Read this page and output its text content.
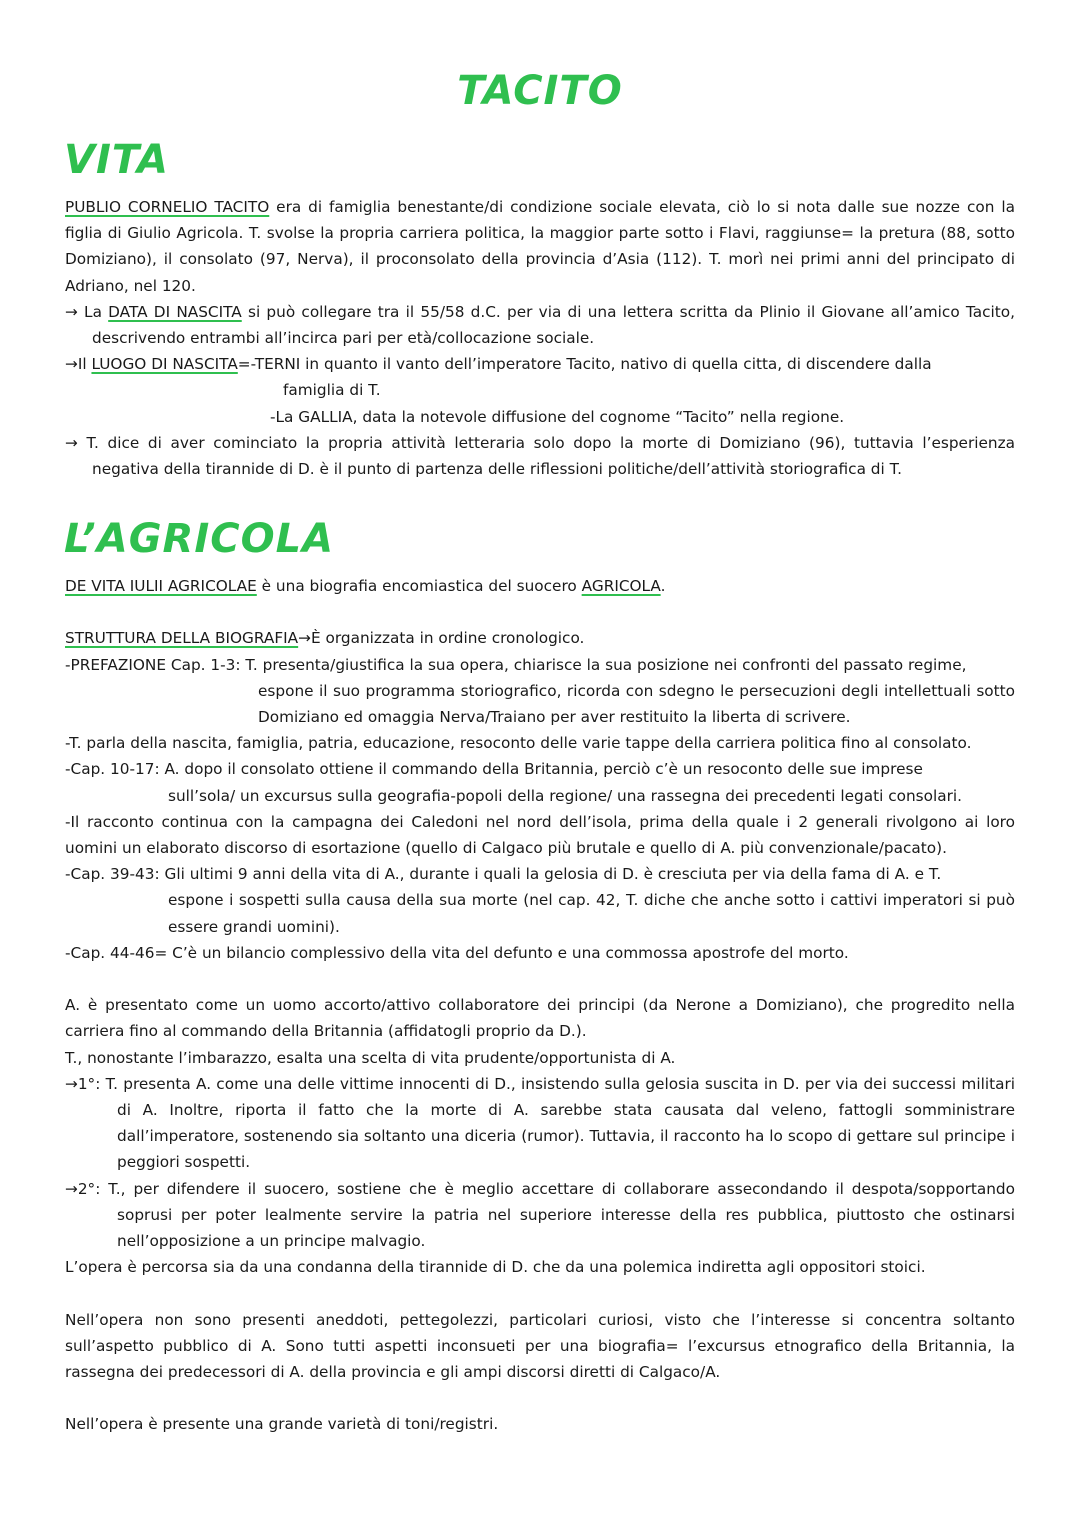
TACITO
VITA

PUBLIO CORNELIO TACITO era di famiglia benestante/di condizione sociale elevata, ciò lo si nota dalle sue nozze con la figlia di Giulio Agricola. T. svolse la propria carriera politica, la maggior parte sotto i Flavi, raggiunse= la pretura (88, sotto Domiziano), il consolato (97, Nerva), il proconsolato della provincia d’Asia (112). T. morì nei primi anni del principato di Adriano, nel 120.

→ La DATA DI NASCITA si può collegare tra il 55/58 d.C. per via di una lettera scritta da Plinio il Giovane all’amico Tacito, descrivendo entrambi all’incirca pari per età/collocazione sociale.

→Il LUOGO DI NASCITA=-TERNI in quanto il vanto dell’imperatore Tacito, nativo di quella citta, di discendere dalla

famiglia di T.

-La GALLIA, data la notevole diffusione del cognome “Tacito” nella regione.

→ T. dice di aver cominciato la propria attività letteraria solo dopo la morte di Domiziano (96), tuttavia l’esperienza negativa della tirannide di D. è il punto di partenza delle riflessioni politiche/dell’attività storiografica di T.

L’AGRICOLA

DE VITA IULII AGRICOLAE è una biografia encomiastica del suocero AGRICOLA.

STRUTTURA DELLA BIOGRAFIA→È organizzata in ordine cronologico.

-PREFAZIONE Cap. 1-3: T. presenta/giustifica la sua opera, chiarisce la sua posizione nei confronti del passato regime,

espone il suo programma storiografico, ricorda con sdegno le persecuzioni degli intellettuali sotto Domiziano ed omaggia Nerva/Traiano per aver restituito la liberta di scrivere.

-T. parla della nascita, famiglia, patria, educazione, resoconto delle varie tappe della carriera politica fino al consolato.

-Cap. 10-17: A. dopo il consolato ottiene il commando della Britannia, perciò c’è un resoconto delle sue imprese

sull’sola/ un excursus sulla geografia-popoli della regione/ una rassegna dei precedenti legati consolari.

-Il racconto continua con la campagna dei Caledoni nel nord dell’isola, prima della quale i 2 generali rivolgono ai loro uomini un elaborato discorso di esortazione (quello di Calgaco più brutale e quello di A. più convenzionale/pacato).

-Cap. 39-43: Gli ultimi 9 anni della vita di A., durante i quali la gelosia di D. è cresciuta per via della fama di A. e T.

espone i sospetti sulla causa della sua morte (nel cap. 42, T. diche che anche sotto i cattivi imperatori si può essere grandi uomini).

-Cap. 44-46= C’è un bilancio complessivo della vita del defunto e una commossa apostrofe del morto.

A. è presentato come un uomo accorto/attivo collaboratore dei principi (da Nerone a Domiziano), che progredito nella carriera fino al commando della Britannia (affidatogli proprio da D.).

T., nonostante l’imbarazzo, esalta una scelta di vita prudente/opportunista di A.

→1°: T. presenta A. come una delle vittime innocenti di D., insistendo sulla gelosia suscita in D. per via dei successi militari di A. Inoltre, riporta il fatto che la morte di A. sarebbe stata causata dal veleno, fattogli somministrare dall’imperatore, sostenendo sia soltanto una diceria (rumor). Tuttavia, il racconto ha lo scopo di gettare sul principe i peggiori sospetti.

→2°: T., per difendere il suocero, sostiene che è meglio accettare di collaborare assecondando il despota/sopportando soprusi per poter lealmente servire la patria nel superiore interesse della res pubblica, piuttosto che ostinarsi nell’opposizione a un principe malvagio.

L’opera è percorsa sia da una condanna della tirannide di D. che da una polemica indiretta agli oppositori stoici.

Nell’opera non sono presenti aneddoti, pettegolezzi, particolari curiosi, visto che l’interesse si concentra soltanto sull’aspetto pubblico di A. Sono tutti aspetti inconsueti per una biografia= l’excursus etnografico della Britannia, la rassegna dei predecessori di A. della provincia e gli ampi discorsi diretti di Calgaco/A.

Nell’opera è presente una grande varietà di toni/registri.
